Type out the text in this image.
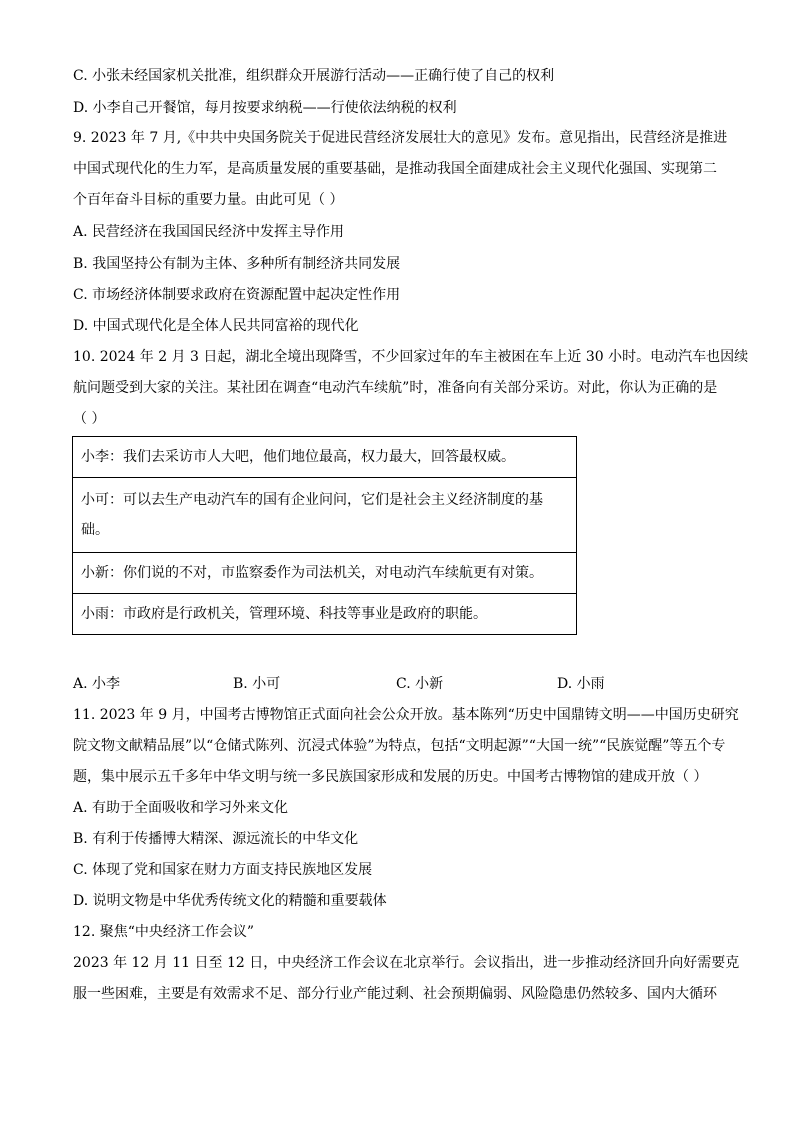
C. 小张未经国家机关批准，组织群众开展游行活动——正确行使了自己的权利
D. 小李自己开餐馆，每月按要求纳税——行使依法纳税的权利
9. 2023 年 7 月,《中共中央国务院关于促进民营经济发展壮大的意见》发布。意见指出，民营经济是推进
中国式现代化的生力军，是高质量发展的重要基础，是推动我国全面建成社会主义现代化强国、实现第二
个百年奋斗目标的重要力量。由此可见（ ）
A. 民营经济在我国国民经济中发挥主导作用
B. 我国坚持公有制为主体、多种所有制经济共同发展
C. 市场经济体制要求政府在资源配置中起决定性作用
D. 中国式现代化是全体人民共同富裕的现代化
10. 2024 年 2 月 3 日起，湖北全境出现降雪，不少回家过年的车主被困在车上近 30 小时。电动汽车也因续
航问题受到大家的关注。某社团在调查“电动汽车续航”时，准备向有关部分采访。对此，你认为正确的是
（ ）
小李：我们去采访市人大吧，他们地位最高，权力最大，回答最权威。

小可：可以去生产电动汽车的国有企业问问，它们是社会主义经济制度的基
础。

小新：你们说的不对，市监察委作为司法机关，对电动汽车续航更有对策。
小雨：市政府是行政机关，管理环境、科技等事业是政府的职能。
A. 小李	B. 小可	C. 小新	D. 小雨
11. 2023 年 9 月，中国考古博物馆正式面向社会公众开放。基本陈列“历史中国鼎铸文明——中国历史研究
院文物文献精品展”以“仓储式陈列、沉浸式体验”为特点，包括“文明起源”“大国一统”“民族觉醒”等五个专
题，集中展示五千多年中华文明与统一多民族国家形成和发展的历史。中国考古博物馆的建成开放（ ）
A. 有助于全面吸收和学习外来文化
B. 有利于传播博大精深、源远流长的中华文化
C. 体现了党和国家在财力方面支持民族地区发展
D. 说明文物是中华优秀传统文化的精髓和重要载体
12. 聚焦“中央经济工作会议”
2023 年 12 月 11 日至 12 日，中央经济工作会议在北京举行。会议指出，进一步推动经济回升向好需要克
服一些困难，主要是有效需求不足、部分行业产能过剩、社会预期偏弱、风险隐患仍然较多、国内大循环
